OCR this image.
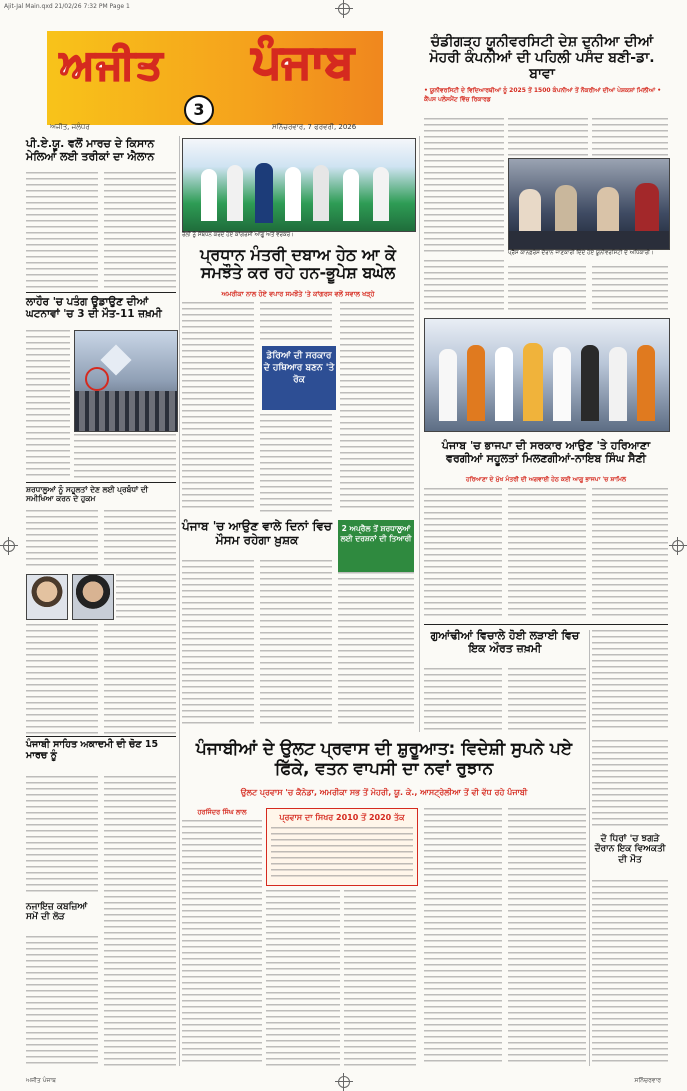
Ajit-Jal Main.qxd 21/02/26 7:32 PM Page 1
ਅਜੀਤ ਪੰਜਾਬ
3
ਅਜੀਤ, ਜਲੰਧਰ	ਸਨਿੱਚਰਵਾਰ, 7 ਫਰਵਰੀ, 2026
ਚੰਡੀਗੜ੍ਹ ਯੂਨੀਵਰਸਿਟੀ ਦੇਸ਼ ਦੁਨੀਆ ਦੀਆਂ ਮੋਹਰੀ ਕੰਪਨੀਆਂ ਦੀ ਪਹਿਲੀ ਪਸੰਦ ਬਣੀ-ਡਾ. ਬਾਵਾ
• ਯੂਨੀਵਰਸਿਟੀ ਦੇ ਵਿਦਿਆਰਥੀਆਂ ਨੂੰ 2025 ਤੋਂ 1500 ਕੰਪਨੀਆਂ ਤੋਂ ਨੌਕਰੀਆਂ ਦੀਆਂ ਪੇਸ਼ਕਸ਼ਾਂ ਮਿਲੀਆਂ • ਕੈਂਪਸ ਪਲੇਸਮੈਂਟ ਵਿੱਚ ਰਿਕਾਰਡ
ਪ੍ਰੈੱਸ ਕਾਨਫ਼ਰੰਸ ਦੌਰਾਨ ਜਾਣਕਾਰੀ ਦਿੰਦੇ ਹੋਏ ਯੂਨੀਵਰਸਿਟੀ ਦੇ ਅਧਿਕਾਰੀ।
ਰੈਲੀ ਨੂੰ ਸੰਬੋਧਨ ਕਰਦੇ ਹੋਏ ਕਾਂਗਰਸੀ ਆਗੂ ਅਤੇ ਵਰਕਰ।
ਪ੍ਰਧਾਨ ਮੰਤਰੀ ਦਬਾਅ ਹੇਠ ਆ ਕੇ ਸਮਝੌਤੇ ਕਰ ਰਹੇ ਹਨ-ਭੂਪੇਸ਼ ਬਘੇਲ
ਅਮਰੀਕਾ ਨਾਲ ਹੋਏ ਵਪਾਰ ਸਮਝੌਤੇ 'ਤੇ ਕਾਂਗਰਸ ਵਲੋਂ ਸਵਾਲ ਖੜ੍ਹੇ
ਡੇਰਿਆਂ ਦੀ ਸਰਕਾਰ ਦੇ ਹਥਿਆਰ ਬਣਨ 'ਤੇ ਰੋਕ
ਪੀ.ਏ.ਯੂ. ਵਲੋਂ ਮਾਰਚ ਦੇ ਕਿਸਾਨ ਮੇਲਿਆਂ ਲਈ ਤਰੀਕਾਂ ਦਾ ਐਲਾਨ
ਲਾਹੌਰ 'ਚ ਪਤੰਗ ਉਡਾਉਣ ਦੀਆਂ ਘਟਨਾਵਾਂ 'ਚ 3 ਦੀ ਮੌਤ-11 ਜ਼ਖ਼ਮੀ
ਸ਼ਰਧਾਲੂਆਂ ਨੂੰ ਸਹੂਲਤਾਂ ਦੇਣ ਲਈ ਪ੍ਰਬੰਧਾਂ ਦੀ ਸਮੀਖਿਆ ਕਰਨ ਦੇ ਹੁਕਮ
ਪੰਜਾਬੀ ਸਾਹਿਤ ਅਕਾਦਮੀ ਦੀ ਚੋਣ 15 ਮਾਰਚ ਨੂੰ
ਨਜਾਇਜ਼ ਕਬਜ਼ਿਆਂ ਸਮੇਂ ਦੀ ਲੋੜ
ਪੰਜਾਬ 'ਚ ਆਉਣ ਵਾਲੇ ਦਿਨਾਂ ਵਿਚ ਮੌਸਮ ਰਹੇਗਾ ਖ਼ੁਸ਼ਕ
2 ਅਪ੍ਰੈਲ ਤੋਂ ਸ਼ਰਧਾਲੂਆਂ ਲਈ ਦਰਸ਼ਨਾਂ ਦੀ ਤਿਆਰੀ
ਪੰਜਾਬ 'ਚ ਭਾਜਪਾ ਦੀ ਸਰਕਾਰ ਆਉਣ 'ਤੇ ਹਰਿਆਣਾ ਵਰਗੀਆਂ ਸਹੂਲਤਾਂ ਮਿਲਣਗੀਆਂ-ਨਾਇਬ ਸਿੰਘ ਸੈਣੀ
ਹਰਿਆਣਾ ਦੇ ਮੁੱਖ ਮੰਤਰੀ ਦੀ ਅਗਵਾਈ ਹੇਠ ਕਈ ਆਗੂ ਭਾਜਪਾ 'ਚ ਸ਼ਾਮਿਲ
ਗੁਆਂਢੀਆਂ ਵਿਚਾਲੇ ਹੋਈ ਲੜਾਈ ਵਿਚ ਇਕ ਔਰਤ ਜ਼ਖ਼ਮੀ
ਪੰਜਾਬੀਆਂ ਦੇ ਉਲਟ ਪ੍ਰਵਾਸ ਦੀ ਸ਼ੁਰੂਆਤ: ਵਿਦੇਸ਼ੀ ਸੁਪਨੇ ਪਏ ਫਿੱਕੇ, ਵਤਨ ਵਾਪਸੀ ਦਾ ਨਵਾਂ ਰੁਝਾਨ
ਉਲਟ ਪ੍ਰਵਾਸ 'ਚ ਕੈਨੇਡਾ, ਅਮਰੀਕਾ ਸਭ ਤੋਂ ਮੋਹਰੀ, ਯੂ. ਕੇ., ਆਸਟ੍ਰੇਲੀਆ ਤੋਂ ਵੀ ਵੱਧ ਰਹੇ ਪੰਜਾਬੀ
ਹਰਜਿੰਦਰ ਸਿੰਘ ਲਾਲ
ਪ੍ਰਵਾਸ ਦਾ ਸਿਖਰ 2010 ਤੋਂ 2020 ਤੱਕ
ਦੋ ਧਿਰਾਂ 'ਚ ਝਗੜੇ ਦੌਰਾਨ ਇਕ ਵਿਅਕਤੀ ਦੀ ਮੌਤ
ਅਜੀਤ ਪੰਜਾਬ	ਸਨਿੱਚਰਵਾਰ
